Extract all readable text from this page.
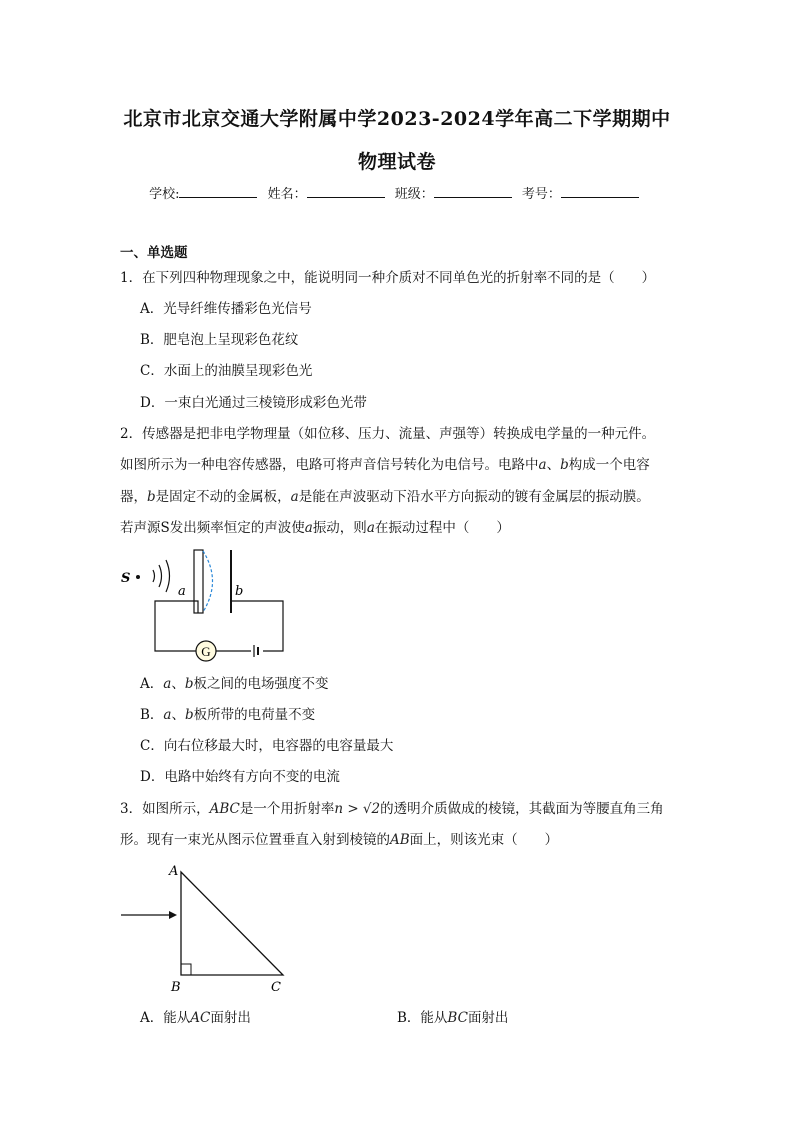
北京市北京交通大学附属中学2023-2024学年高二下学期期中
物理试卷
学校:	姓名：	班级：	考号：
一、单选题
1．在下列四种物理现象之中，能说明同一种介质对不同单色光的折射率不同的是（　　）
A．光导纤维传播彩色光信号
B．肥皂泡上呈现彩色花纹
C．水面上的油膜呈现彩色光
D．一束白光通过三棱镜形成彩色光带
2．传感器是把非电学物理量（如位移、压力、流量、声强等）转换成电学量的一种元件。
如图所示为一种电容传感器，电路可将声音信号转化为电信号。电路中a、b构成一个电容
器，b是固定不动的金属板，a是能在声波驱动下沿水平方向振动的镀有金属层的振动膜。
若声源S发出频率恒定的声波使a振动，则a在振动过程中（　　）
S
a	b
G
A．a、b板之间的电场强度不变
B．a、b板所带的电荷量不变
C．向右位移最大时，电容器的电容量最大
D．电路中始终有方向不变的电流
3．如图所示，ABC是一个用折射率n > √2的透明介质做成的棱镜，其截面为等腰直角三角
形。现有一束光从图示位置垂直入射到棱镜的AB面上，则该光束（　　）
A
B	C
A．能从AC面射出	B．能从BC面射出
